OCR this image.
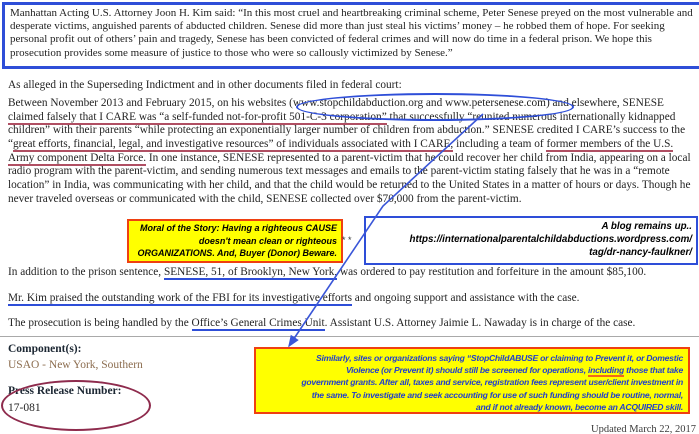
Manhattan Acting U.S. Attorney Joon H. Kim said: “In this most cruel and heartbreaking criminal scheme, Peter Senese preyed on the most vulnerable and desperate victims, anguished parents of abducted children. Senese did more than just steal his victims’ money – he robbed them of hope. For seeking personal profit out of others’ pain and tragedy, Senese has been convicted of federal crimes and will now do time in a federal prison. We hope this prosecution provides some measure of justice to those who were so callously victimized by Senese.”
As alleged in the Superseding Indictment and in other documents filed in federal court:
Between November 2013 and February 2015, on his websites (www.stopchildabduction.org and www.petersenese.com) and elsewhere, SENESE claimed falsely that I CARE was “a self-funded not-for-profit 501-C-3 corporation” that successfully “reunited numerous internationally kidnapped children” with their parents “while protecting an exponentially larger number of children from abduction.” SENESE credited I CARE’s success to the “great efforts, financial, legal, and investigative resources” of individuals associated with I CARE, including a team of former members of the U.S. Army component Delta Force. In one instance, SENESE represented to a parent-victim that he could recover her child from India, appearing on a local radio program with the parent-victim, and sending numerous text messages and emails to the parent-victim stating falsely that he was in a “remote location” in India, was communicating with her child, and that the child would be returned to the United States in a matter of hours or days. Though he never traveled overseas or communicated with the child, SENESE collected over $70,000 from the parent-victim.
Moral of the Story: Having a righteous CAUSE
doesn't mean clean or righteous
ORGANIZATIONS. And, Buyer (Donor) Beware.
* *
A blog remains up..
https://internationalparentalchildabductions.wordpress.com/
tag/dr-nancy-faulkner/
In addition to the prison sentence, SENESE, 51, of Brooklyn, New York, was ordered to pay restitution and forfeiture in the amount $85,100.
Mr. Kim praised the outstanding work of the FBI for its investigative efforts and ongoing support and assistance with the case.
The prosecution is being handled by the Office’s General Crimes Unit. Assistant U.S. Attorney Jaimie L. Nawaday is in charge of the case.
Component(s):
USAO - New York, Southern
Press Release Number:
17-081
Similarly, sites or organizations saying “StopChildABUSE or claiming to Prevent it, or Domestic
Violence (or Prevent it) should still be screened for operations, including those that take
government grants. After all, taxes and service, registration fees represent user/client investment in
the same. To investigate and seek accounting for use of such funding should be routine, normal,
and if not already known, become an ACQUIRED skill.
Updated March 22, 2017
